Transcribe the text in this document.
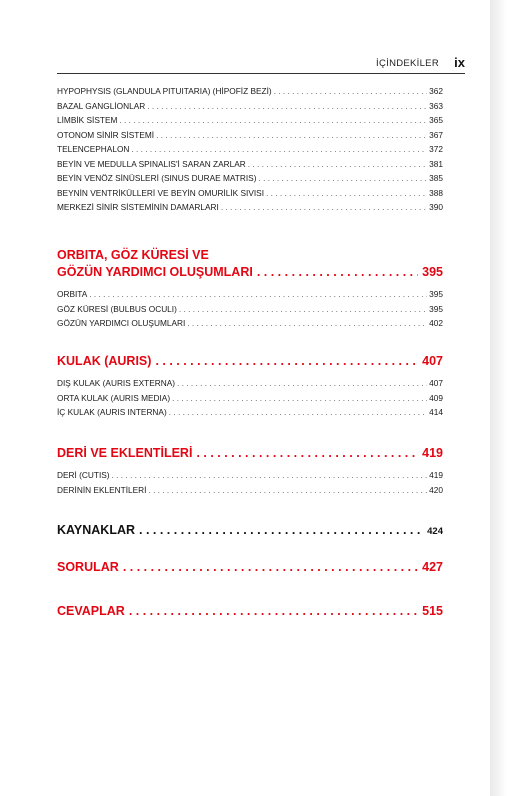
İÇİNDEKİLER ix
HYPOPHYSIS (GLANDULA PITUITARIA) (HİPOFİZ BEZİ) . . .	362
BAZAL GANGLİONLAR . . .	363
LİMBİK SİSTEM . . .	365
OTONOM SİNİR SİSTEMİ . . .	367
TELENCEPHALON . . .	372
BEYİN VE MEDULLA SPINALIS'İ SARAN ZARLAR . . .	381
BEYİN VENÖZ SİNÜSLERİ (SINUS DURAE MATRIS) . . .	385
BEYNİN VENTRİKÜLLERİ VE BEYİN OMURİLİK SIVISI . . .	388
MERKEZİ SİNİR SİSTEMİNİN DAMARLARI . . .	390
ORBITA, GÖZ KÜRESİ VE
GÖZÜN YARDIMCI OLUŞUMLARI . . .	395
ORBITA . . .	395
GÖZ KÜRESİ (BULBUS OCULI) . . .	395
GÖZÜN YARDIMCI OLUŞUMLARI . . .	402
KULAK (AURIS) . . .	407
DIŞ KULAK (AURIS EXTERNA) . . .	407
ORTA KULAK (AURIS MEDIA) . . .	409
İÇ KULAK (AURIS INTERNA) . . .	414
DERİ VE EKLENTİLERİ . . .	419
DERİ (CUTIS) . . .	419
DERİNİN EKLENTİLERİ . . .	420
KAYNAKLAR . . .	424
SORULAR . . .	427
CEVAPLAR . . .	515
